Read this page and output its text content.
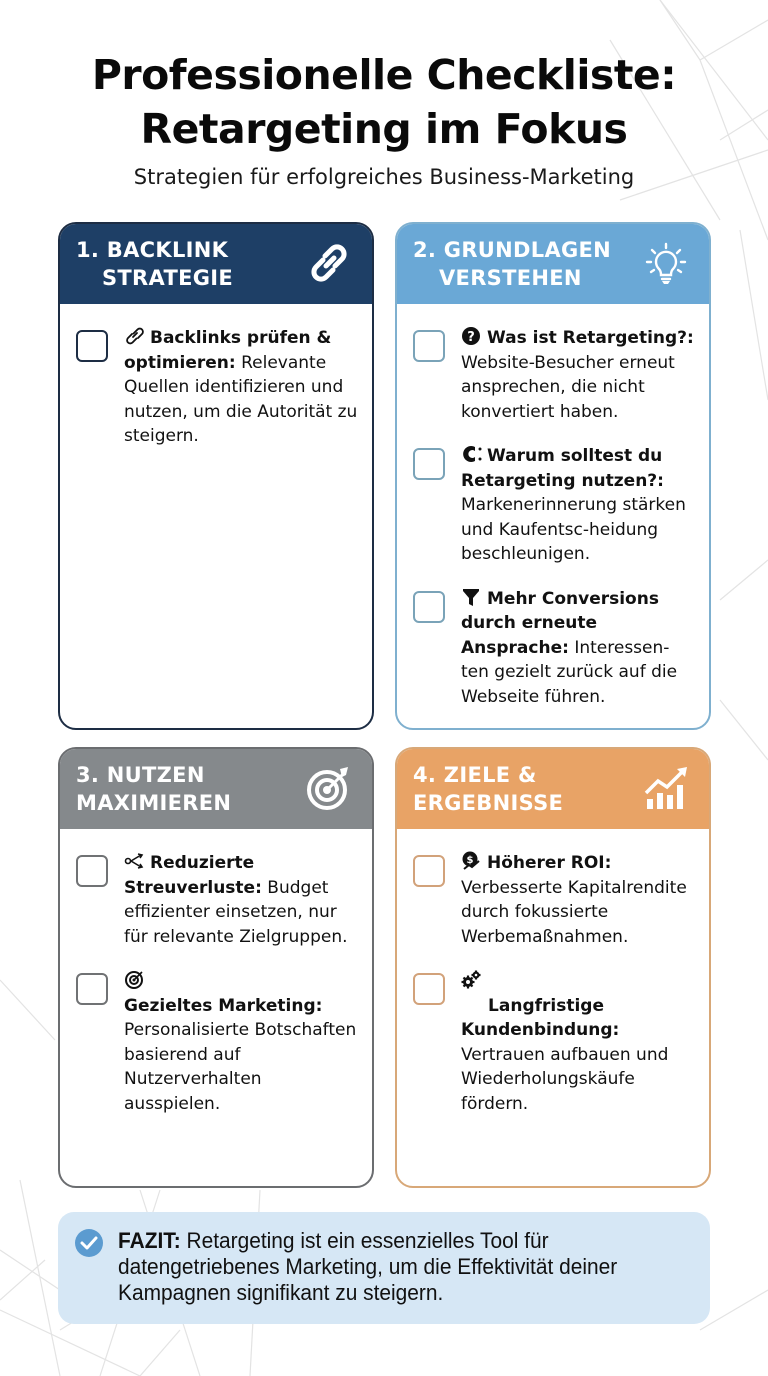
Professionelle Checkliste:
Retargeting im Fokus
Strategien für erfolgreiches Business-Marketing
1. BACKLINK
STRATEGIE
Backlinks prüfen & optimieren: Relevante Quellen identifizieren und nutzen, um die Autorität zu steigern.
2. GRUNDLAGEN
VERSTEHEN
? Was ist Retargeting?: Website-Besucher erneut ansprechen, die nicht konvertiert haben.
Warum solltest du Retargeting nutzen?: Markenerinnerung stärken und Kaufentsc-heidung beschleunigen.
Mehr Conversions durch erneute Ansprache: Interessen- ten gezielt zurück auf die Webseite führen.
3. NUTZEN
MAXIMIEREN
Reduzierte Streuverluste: Budget effizienter einsetzen, nur für relevante Zielgruppen.

Gezieltes Marketing: Personalisierte Botschaften basierend auf Nutzerverhalten ausspielen.
4. ZIELE &
ERGEBNISSE
$ Höherer ROI: Verbesserte Kapitalrendite durch fokussierte Werbemaßnahmen.

Langfristige Kundenbindung: Vertrauen aufbauen und Wiederholungskäufe fördern.
FAZIT: Retargeting ist ein essenzielles Tool für datengetriebenes Marketing, um die Effektivität deiner Kampagnen signifikant zu steigern.
